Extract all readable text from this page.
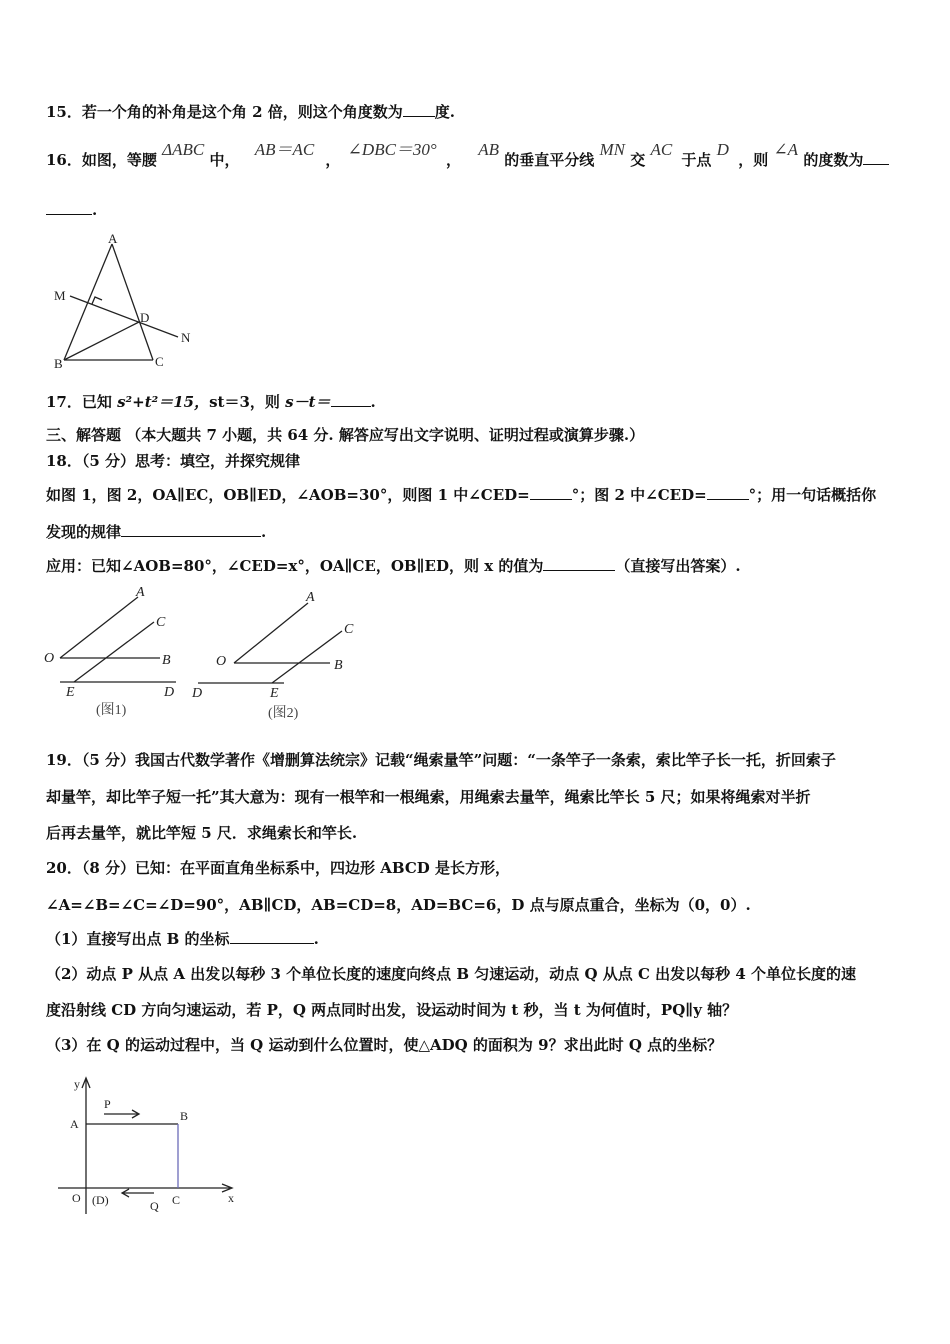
15．若一个角的补角是这个角 2 倍，则这个角度数为 度.
16．如图，等腰 ΔABC 中， AB＝AC ， ∠DBC＝30° ， AB 的垂直平分线 MN 交 AC 于点 D ，则 ∠A 的度数为
.
A
M
D
N
B	C
17．已知 s²+t²＝15，st＝3，则 s－t＝	.
三、解答题 （本大题共 7 小题，共 64 分. 解答应写出文字说明、证明过程或演算步骤.）
18．（5 分）思考：填空，并探究规律
如图 1，图 2，OA∥EC，OB∥ED，∠AOB=30°，则图 1 中∠CED=	°；图 2 中∠CED=	°；用一句话概括你
发现的规律	.
应用：已知∠AOB=80°，∠CED=x°，OA∥CE，OB∥ED，则 x 的值为	（直接写出答案）.
A
C
O	B
E	D
(图1)
A
C
O	B
D	E
(图2)
19．（5 分）我国古代数学著作《增删算法统宗》记载“绳索量竿”问题：“一条竿子一条索，索比竿子长一托，折回索子
却量竿，却比竿子短一托”其大意为：现有一根竿和一根绳索，用绳索去量竿，绳索比竿长 5 尺；如果将绳索对半折
后再去量竿，就比竿短 5 尺．求绳索长和竿长.
20．（8 分）已知：在平面直角坐标系中，四边形 ABCD 是长方形，
∠A=∠B=∠C=∠D=90°，AB∥CD，AB=CD=8，AD=BC=6，D 点与原点重合，坐标为（0，0）.
（1）直接写出点 B 的坐标	.
（2）动点 P 从点 A 出发以每秒 3 个单位长度的速度向终点 B 匀速运动，动点 Q 从点 C 出发以每秒 4 个单位长度的速
度沿射线 CD 方向匀速运动，若 P，Q 两点同时出发，设运动时间为 t 秒，当 t 为何值时，PQ∥y 轴？
（3）在 Q 的运动过程中，当 Q 运动到什么位置时，使△ADQ 的面积为 9？求出此时 Q 点的坐标？
y
P
A
B
O (D)	Q C	x
